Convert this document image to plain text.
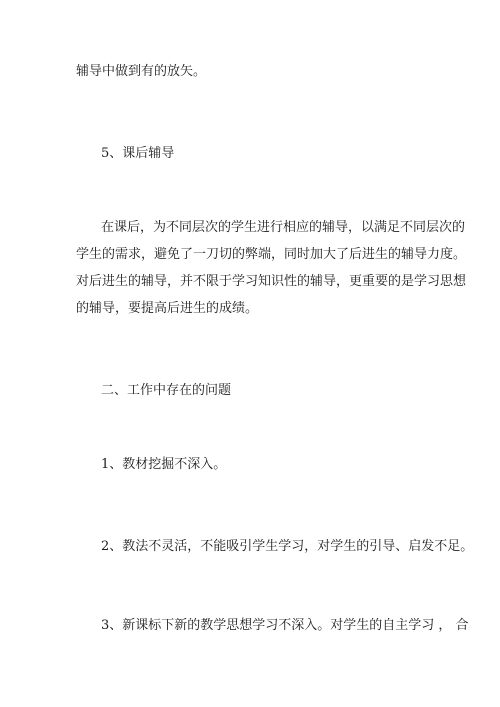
辅导中做到有的放矢。
5、课后辅导
在课后，为不同层次的学生进行相应的辅导，以满足不同层次的
学生的需求，避免了一刀切的弊端，同时加大了后进生的辅导力度。
对后进生的辅导，并不限于学习知识性的辅导，更重要的是学习思想
的辅导，要提高后进生的成绩。
二、工作中存在的问题
1、教材挖掘不深入。
2、教法不灵活，不能吸引学生学习，对学生的引导、启发不足。
3、新课标下新的教学思想学习不深入。对学生的自主学习 ， 合
